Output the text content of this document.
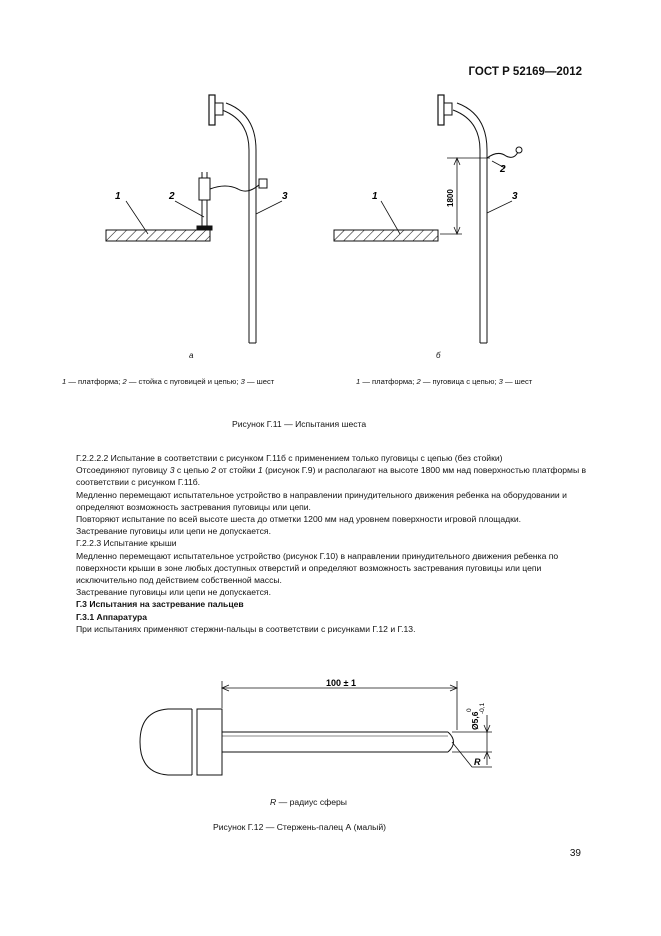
ГОСТ Р 52169—2012
1	2	3	1800
1
2
3
а	б
1 — платформа; 2 — стойка с пуговицей и цепью; 3 — шест	1 — платформа; 2 — пуговица с цепью; 3 — шест
Рисунок Г.11 — Испытания шеста

Г.2.2.2.2 Испытание в соответствии с рисунком Г.11б с применением только пуговицы с цепью (без стойки)

Отсоединяют пуговицу 3 с цепью 2 от стойки 1 (рисунок Г.9) и располагают на высоте 1800 мм над поверхностью платформы в соответствии с рисунком Г.11б.

Медленно перемещают испытательное устройство в направлении принудительного движения ребенка на оборудовании и определяют возможность застревания пуговицы или цепи.

Повторяют испытание по всей высоте шеста до отметки 1200 мм над уровнем поверхности игровой площадки.

Застревание пуговицы или цепи не допускается.

Г.2.2.3 Испытание крыши

Медленно перемещают испытательное устройство (рисунок Г.10) в направлении принудительного движения ребенка по поверхности крыши в зоне любых доступных отверстий и определяют возможность застревания пуговицы или цепи исключительно под действием собственной массы.

Застревание пуговицы или цепи не допускается.

Г.3 Испытания на застревание пальцев

Г.3.1 Аппаратура

При испытаниях применяют стержни-пальцы в соответствии с рисунками Г.12 и Г.13.

100 ± 1
Ø5,6
0 -0,1
R
R — радиус сферы
Рисунок Г.12 — Стержень-палец А (малый)
39
